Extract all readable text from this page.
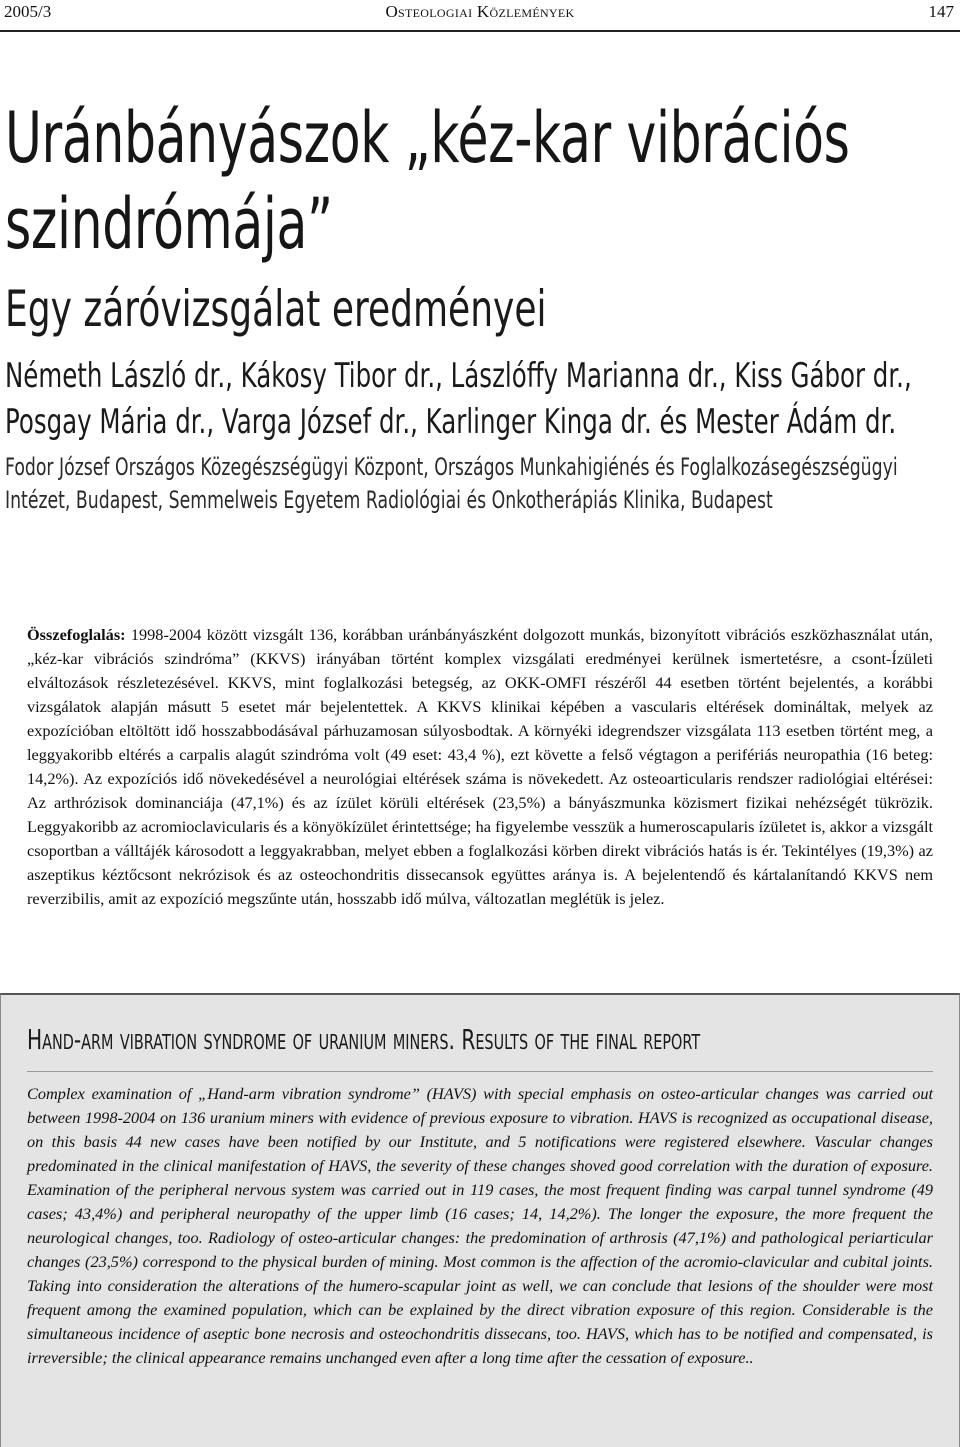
2005/3	Osteologiai Közlemények	147
Uránbányászok „kéz-kar vibrációs
szindrómája”
Egy záróvizsgálat eredményei
Németh László dr., Kákosy Tibor dr., Lászlóffy Marianna dr., Kiss Gábor dr.,
Posgay Mária dr., Varga József dr., Karlinger Kinga dr. és Mester Ádám dr.
Fodor József Országos Közegészségügyi Központ, Országos Munkahigiénés és Foglalkozásegészségügyi
Intézet, Budapest, Semmelweis Egyetem Radiológiai és Onkotherápiás Klinika, Budapest
Összefoglalás: 1998-2004 között vizsgált 136, korábban uránbányászként dolgozott munkás, bizonyított vibrációs eszközhasználat után, „kéz-kar vibrációs szindróma” (KKVS) irányában történt komplex vizsgálati eredményei kerülnek ismertetésre, a csont-Ízületi elváltozások részletezésével. KKVS, mint foglalkozási betegség, az OKK-OMFI részéről 44 esetben történt bejelentés, a korábbi vizsgálatok alapján másutt 5 esetet már bejelentettek. A KKVS klinikai képében a vascularis eltérések domináltak, melyek az expozícióban eltöltött idő hosszabbodásával párhuzamosan súlyosbodtak. A környéki idegrendszer vizsgálata 113 esetben történt meg, a leggyakoribb eltérés a carpalis alagút szindróma volt (49 eset: 43,4 %), ezt követte a felső végtagon a perifériás neuropathia (16 beteg: 14,2%). Az expozíciós idő növekedésével a neurológiai eltérések száma is növekedett. Az osteoarticularis rendszer radiológiai eltérései: Az arthrózisok dominanciája (47,1%) és az ízület körüli eltérések (23,5%) a bányászmunka közismert fizikai nehézségét tükrözik. Leggyakoribb az acromioclavicularis és a könyökízület érintettsége; ha figyelembe vesszük a humeroscapularis ízületet is, akkor a vizsgált csoportban a válltájék károsodott a leggyakrabban, melyet ebben a foglalkozási körben direkt vibrációs hatás is ér. Tekintélyes (19,3%) az aszeptikus kéztőcsont nekrózisok és az osteochondritis dissecansok együttes aránya is. A bejelentendő és kártalanítandó KKVS nem reverzibilis, amit az expozíció megszűnte után, hosszabb idő múlva, változatlan meglétük is jelez.
Hand-arm vibration syndrome of uranium miners. Results of the final report
Complex examination of „Hand-arm vibration syndrome” (HAVS) with special emphasis on osteo-articular changes was carried out between 1998-2004 on 136 uranium miners with evidence of previous exposure to vibration. HAVS is recognized as occupational disease, on this basis 44 new cases have been notified by our Institute, and 5 notifications were registered elsewhere. Vascular changes predominated in the clinical manifestation of HAVS, the severity of these changes shoved good correlation with the duration of exposure. Examination of the peripheral nervous system was carried out in 119 cases, the most frequent finding was carpal tunnel syndrome (49 cases; 43,4%) and peripheral neuropathy of the upper limb (16 cases; 14, 14,2%). The longer the exposure, the more frequent the neurological changes, too. Radiology of osteo-articular changes: the predomination of arthrosis (47,1%) and pathological periarticular changes (23,5%) correspond to the physical burden of mining. Most common is the affection of the acromio-clavicular and cubital joints. Taking into consideration the alterations of the humero-scapular joint as well, we can conclude that lesions of the shoulder were most frequent among the examined population, which can be explained by the direct vibration exposure of this region. Considerable is the simultaneous incidence of aseptic bone necrosis and osteochondritis dissecans, too. HAVS, which has to be notified and compensated, is irreversible; the clinical appearance remains unchanged even after a long time after the cessation of exposure..
